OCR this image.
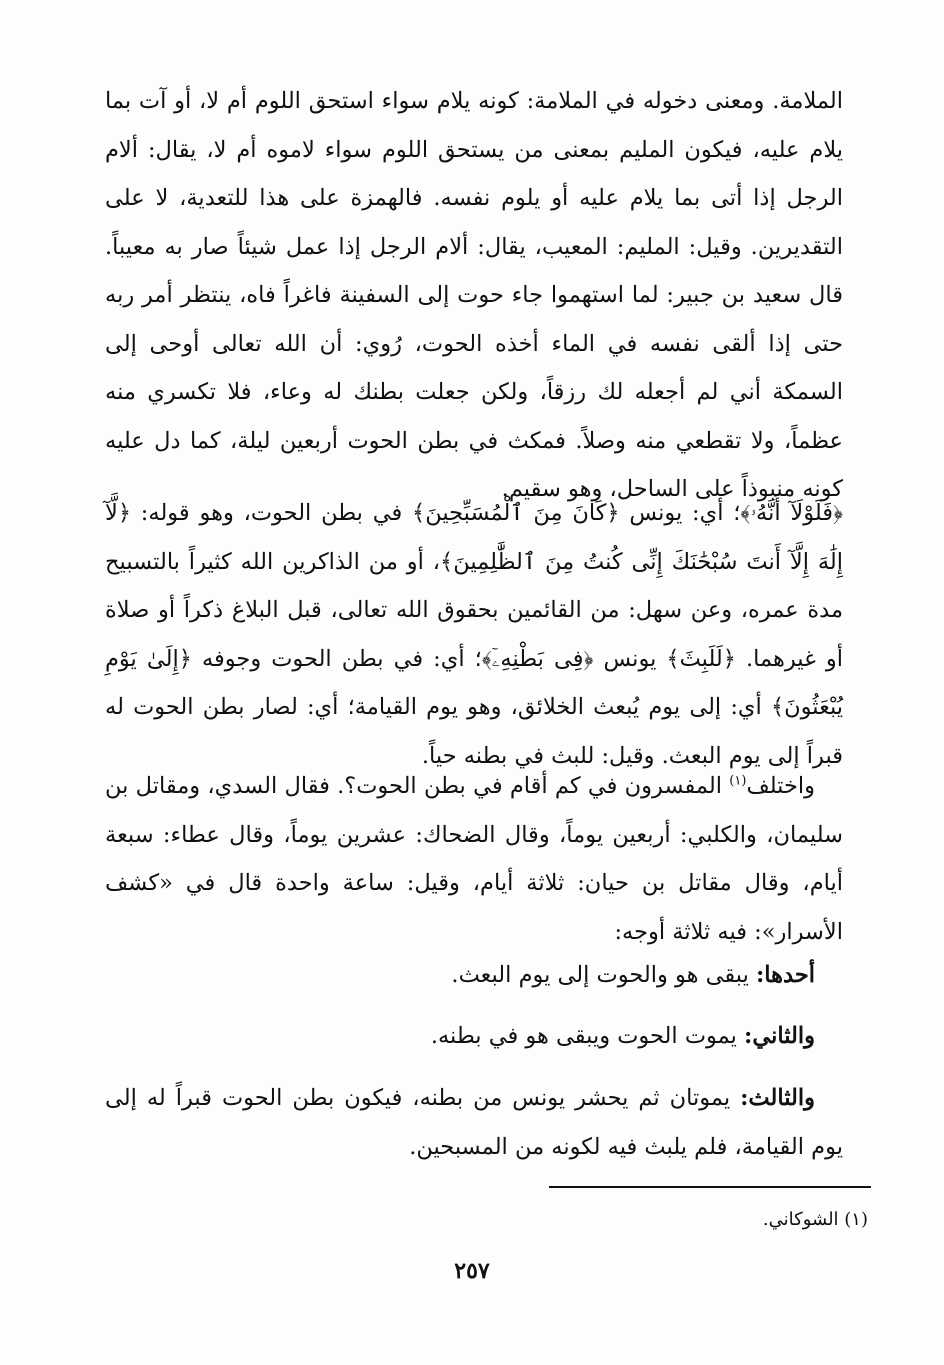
الملامة. ومعنى دخوله في الملامة: كونه يلام سواء استحق اللوم أم لا، أو آت بما يلام عليه، فيكون المليم بمعنى من يستحق اللوم سواء لاموه أم لا، يقال: ألام الرجل إذا أتى بما يلام عليه أو يلوم نفسه. فالهمزة على هذا للتعدية، لا على التقديرين. وقيل: المليم: المعيب، يقال: ألام الرجل إذا عمل شيئاً صار به معيباً. قال سعيد بن جبير: لما استهموا جاء حوت إلى السفينة فاغراً فاه، ينتظر أمر ربه حتى إذا ألقى نفسه في الماء أخذه الحوت، رُوي: أن الله تعالى أوحى إلى السمكة أني لم أجعله لك رزقاً، ولكن جعلت بطنك له وعاء، فلا تكسري منه عظماً، ولا تقطعي منه وصلاً. فمكث في بطن الحوت أربعين ليلة، كما دل عليه كونه منبوذاً على الساحل، وهو سقيم.

﴿فَلَوْلَآ أَنَّهُۥ﴾؛ أي: يونس ﴿كَانَ مِنَ ٱلْمُسَبِّحِينَ﴾ في بطن الحوت، وهو قوله: ﴿لَّآ إِلَٰهَ إِلَّآ أَنتَ سُبْحَٰنَكَ إِنِّى كُنتُ مِنَ ٱلظَّٰلِمِينَ﴾، أو من الذاكرين الله كثيراً بالتسبيح مدة عمره، وعن سهل: من القائمين بحقوق الله تعالى، قبل البلاغ ذكراً أو صلاة أو غيرهما. ﴿لَلَبِثَ﴾ يونس ﴿فِى بَطْنِهِۦٓ﴾؛ أي: في بطن الحوت وجوفه ﴿إِلَىٰ يَوْمِ يُبْعَثُونَ﴾ أي: إلى يوم يُبعث الخلائق، وهو يوم القيامة؛ أي: لصار بطن الحوت له قبراً إلى يوم البعث. وقيل: للبث في بطنه حياً.

واختلف$^{(١)}$ المفسرون في كم أقام في بطن الحوت؟. فقال السدي، ومقاتل بن سليمان، والكلبي: أربعين يوماً، وقال الضحاك: عشرين يوماً، وقال عطاء: سبعة أيام، وقال مقاتل بن حيان: ثلاثة أيام، وقيل: ساعة واحدة قال في «كشف الأسرار»: فيه ثلاثة أوجه:

أحدها: يبقى هو والحوت إلى يوم البعث.

والثاني: يموت الحوت ويبقى هو في بطنه.

والثالث: يموتان ثم يحشر يونس من بطنه، فيكون بطن الحوت قبراً له إلى يوم القيامة، فلم يلبث فيه لكونه من المسبحين.

(١) الشوكاني.
٢٥٧
